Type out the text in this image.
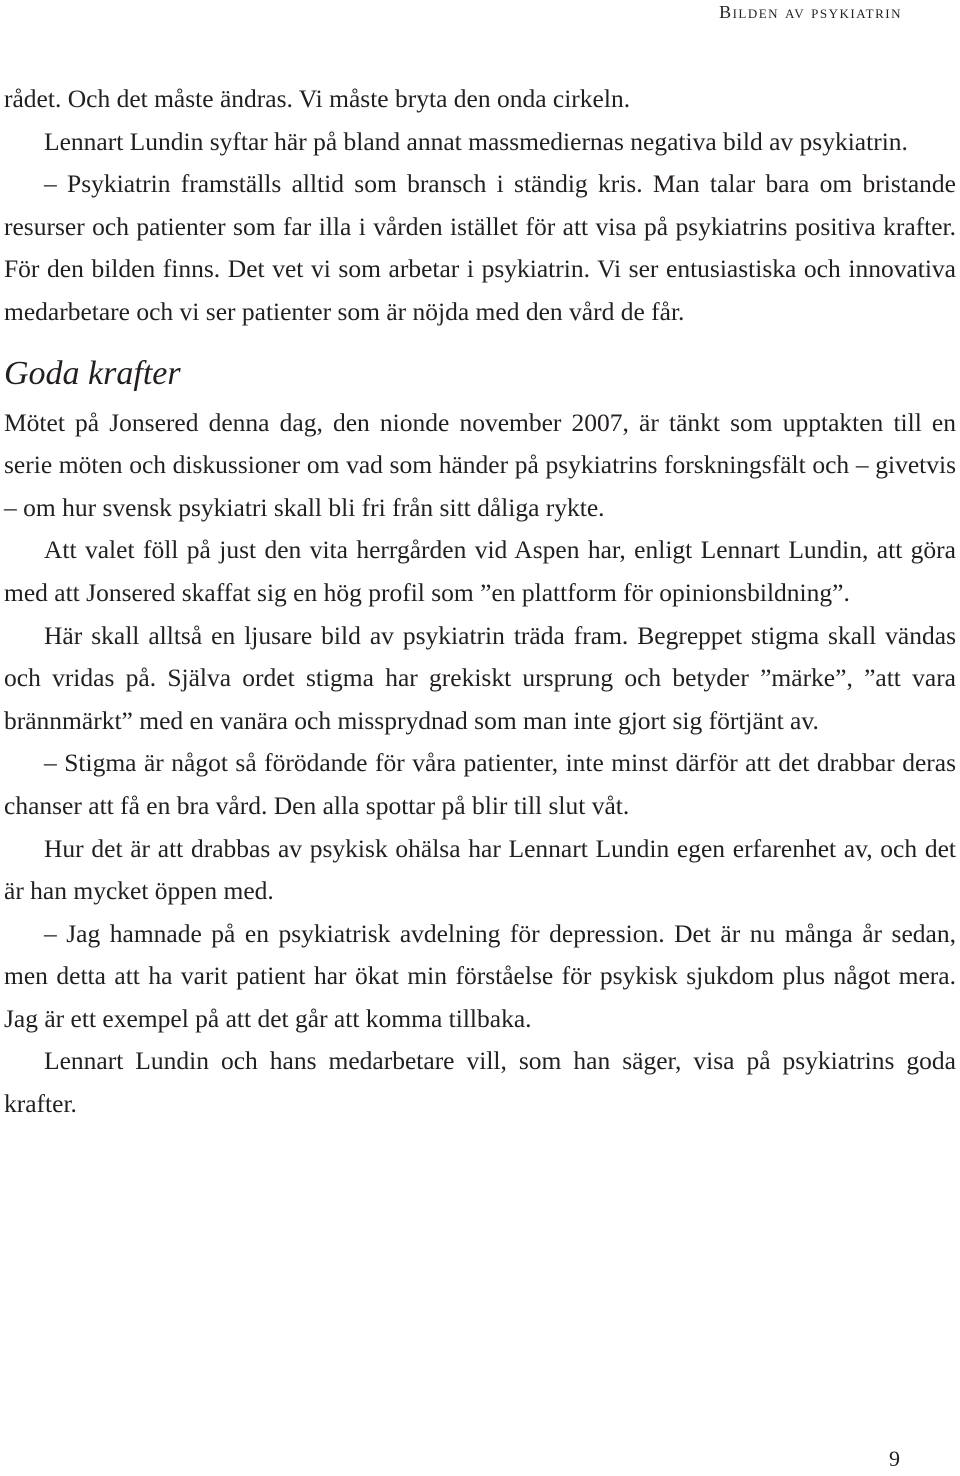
Bilden av psykiatrin

rådet. Och det måste ändras. Vi måste bryta den onda cirkeln.

Lennart Lundin syftar här på bland annat massmediernas negativa bild av psykiatrin.

– Psykiatrin framställs alltid som bransch i ständig kris. Man talar bara om bristande resurser och patienter som far illa i vården istället för att visa på psykiatrins positiva krafter. För den bilden finns. Det vet vi som arbetar i psykiatrin. Vi ser entusiastiska och innovativa medarbetare och vi ser patienter som är nöjda med den vård de får.

Goda krafter

Mötet på Jonsered denna dag, den nionde november 2007, är tänkt som upptakten till en serie möten och diskussioner om vad som händer på psykiatrins forskningsfält och – givetvis – om hur svensk psykiatri skall bli fri från sitt dåliga rykte.

Att valet föll på just den vita herrgården vid Aspen har, enligt Lennart Lundin, att göra med att Jonsered skaffat sig en hög profil som ”en plattform för opinionsbildning”.

Här skall alltså en ljusare bild av psykiatrin träda fram. Begreppet stigma skall vändas och vridas på. Själva ordet stigma har grekiskt ursprung och betyder ”märke”, ”att vara brännmärkt” med en vanära och missprydnad som man inte gjort sig förtjänt av.

– Stigma är något så förödande för våra patienter, inte minst därför att det drabbar deras chanser att få en bra vård. Den alla spottar på blir till slut våt.

Hur det är att drabbas av psykisk ohälsa har Lennart Lundin egen erfarenhet av, och det är han mycket öppen med.

– Jag hamnade på en psykiatrisk avdelning för depression. Det är nu många år sedan, men detta att ha varit patient har ökat min förståelse för psykisk sjukdom plus något mera. Jag är ett exempel på att det går att komma tillbaka.

Lennart Lundin och hans medarbetare vill, som han säger, visa på psykiatrins goda krafter.

9
